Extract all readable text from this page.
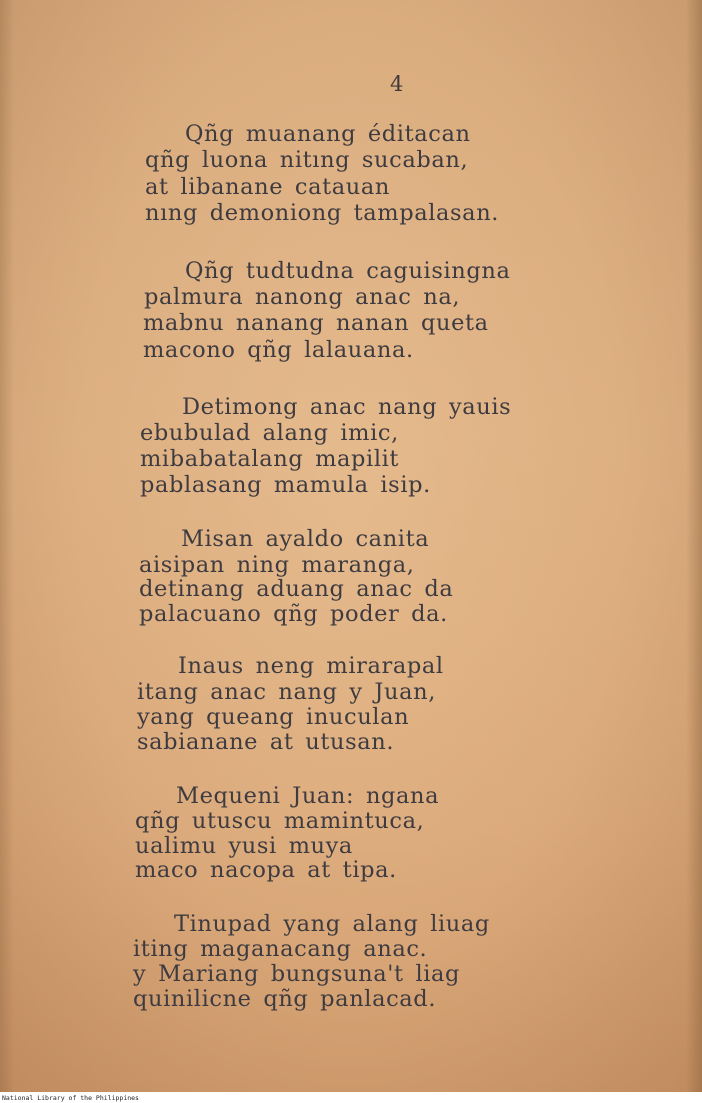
4
Qñg muanang éditacan
qñg luona nitıng sucaban,
at libanane catauan
nıng demoniong tampalasan.
Qñg tudtudna caguisingna
palmura nanong anac na,
mabnu nanang nanan queta
macono qñg lalauana.
Detimong anac nang yauis
ebubulad alang imic,
mibabatalang mapilit
pablasang mamula isip.
Misan ayaldo canita
aisipan ning maranga,
detinang aduang anac da
palacuano qñg poder da.
Inaus neng mirarapal
itang anac nang y Juan,
yang queang inuculan
sabianane at utusan.
Mequeni Juan: ngana
qñg utuscu mamintuca,
ualimu yusi muya
maco nacopa at tipa.
Tinupad yang alang liuag
iting maganacang anac.
y Mariang bungsuna't liag
quinilicne qñg panlacad.
National Library of the Philippines
